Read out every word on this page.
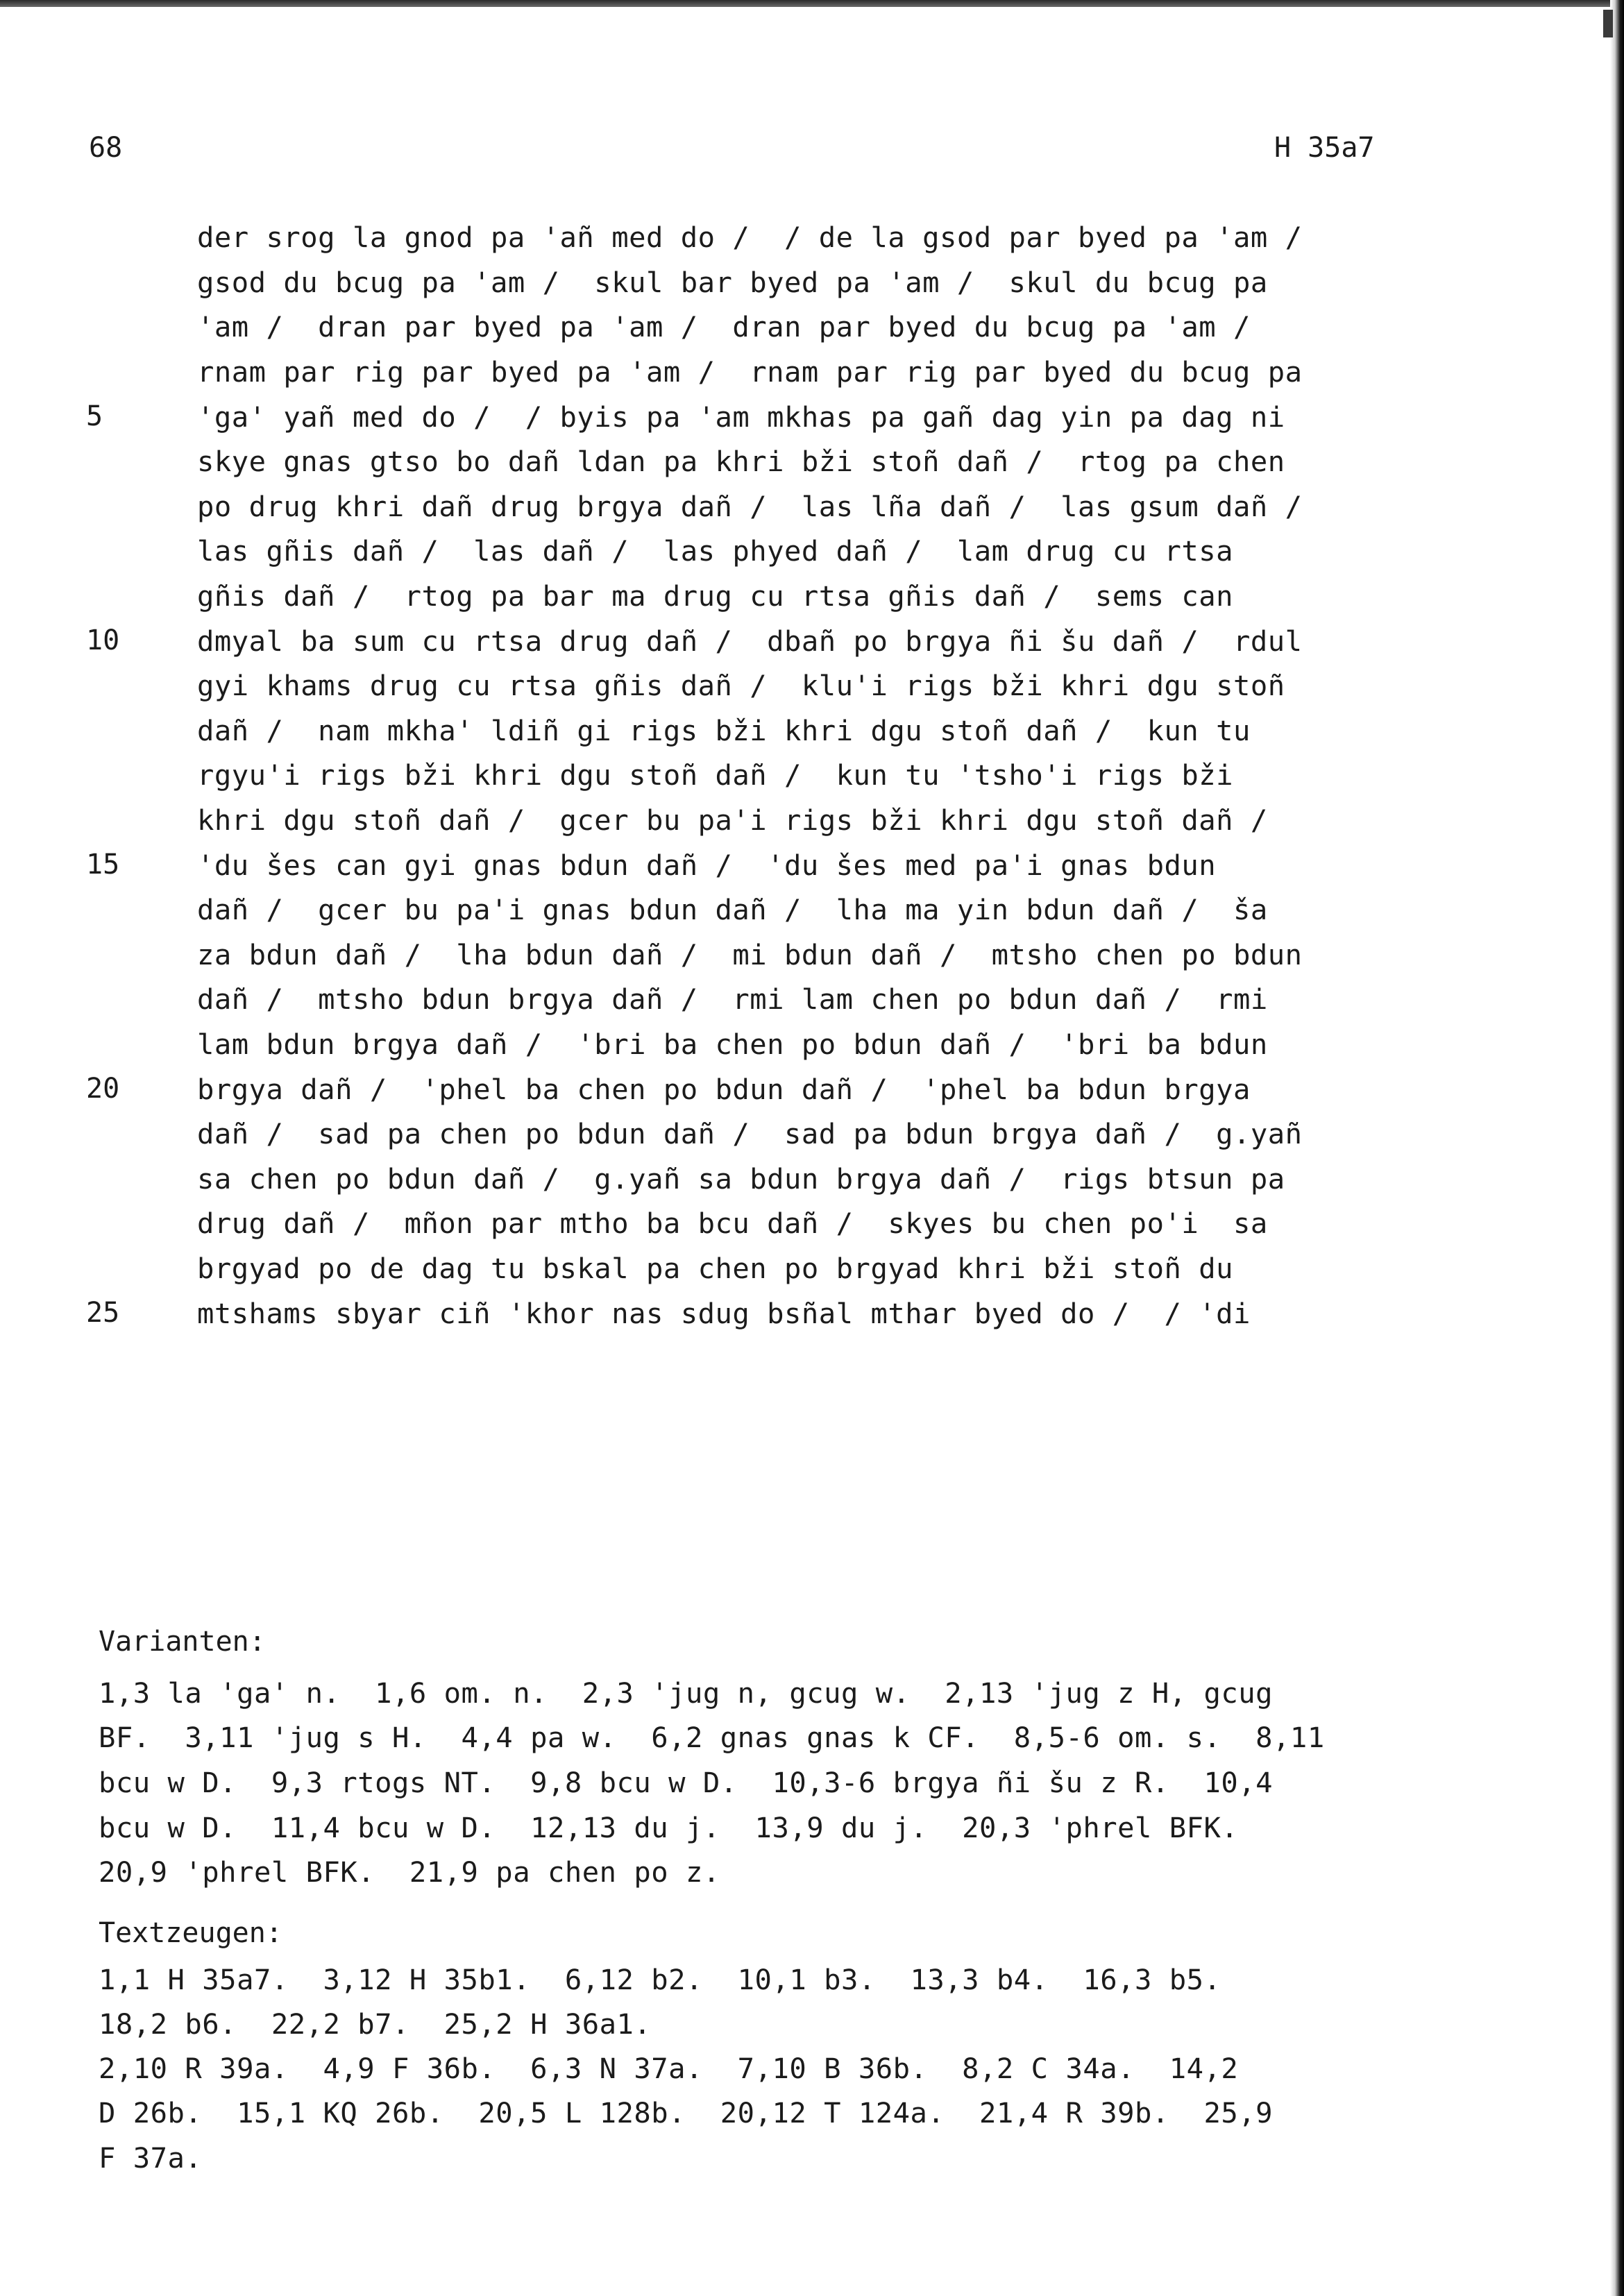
68	H 35a7
5
10
15
20
25
der srog la gnod pa 'añ med do /  / de la gsod par byed pa 'am /
gsod du bcug pa 'am /  skul bar byed pa 'am /  skul du bcug pa
'am /  dran par byed pa 'am /  dran par byed du bcug pa 'am /
rnam par rig par byed pa 'am /  rnam par rig par byed du bcug pa
'ga' yañ med do /  / byis pa 'am mkhas pa gañ dag yin pa dag ni
skye gnas gtso bo dañ ldan pa khri bži stoñ dañ /  rtog pa chen
po drug khri dañ drug brgya dañ /  las lña dañ /  las gsum dañ /
las gñis dañ /  las dañ /  las phyed dañ /  lam drug cu rtsa
gñis dañ /  rtog pa bar ma drug cu rtsa gñis dañ /  sems can
dmyal ba sum cu rtsa drug dañ /  dbañ po brgya ñi šu dañ /  rdul
gyi khams drug cu rtsa gñis dañ /  klu'i rigs bži khri dgu stoñ
dañ /  nam mkha' ldiñ gi rigs bži khri dgu stoñ dañ /  kun tu
rgyu'i rigs bži khri dgu stoñ dañ /  kun tu 'tsho'i rigs bži
khri dgu stoñ dañ /  gcer bu pa'i rigs bži khri dgu stoñ dañ /
'du šes can gyi gnas bdun dañ /  'du šes med pa'i gnas bdun
dañ /  gcer bu pa'i gnas bdun dañ /  lha ma yin bdun dañ /  ša
za bdun dañ /  lha bdun dañ /  mi bdun dañ /  mtsho chen po bdun
dañ /  mtsho bdun brgya dañ /  rmi lam chen po bdun dañ /  rmi
lam bdun brgya dañ /  'bri ba chen po bdun dañ /  'bri ba bdun
brgya dañ /  'phel ba chen po bdun dañ /  'phel ba bdun brgya
dañ /  sad pa chen po bdun dañ /  sad pa bdun brgya dañ /  g.yañ
sa chen po bdun dañ /  g.yañ sa bdun brgya dañ /  rigs btsun pa
drug dañ /  mñon par mtho ba bcu dañ /  skyes bu chen po'i  sa
brgyad po de dag tu bskal pa chen po brgyad khri bži stoñ du
mtshams sbyar ciñ 'khor nas sdug bsñal mthar byed do /  / 'di
Varianten:
1,3 la 'ga' n.  1,6 om. n.  2,3 'jug n, gcug w.  2,13 'jug z H, gcug
BF.  3,11 'jug s H.  4,4 pa w.  6,2 gnas gnas k CF.  8,5-6 om. s.  8,11
bcu w D.  9,3 rtogs NT.  9,8 bcu w D.  10,3-6 brgya ñi šu z R.  10,4
bcu w D.  11,4 bcu w D.  12,13 du j.  13,9 du j.  20,3 'phrel BFK.
20,9 'phrel BFK.  21,9 pa chen po z.
Textzeugen:
1,1 H 35a7.  3,12 H 35b1.  6,12 b2.  10,1 b3.  13,3 b4.  16,3 b5.
18,2 b6.  22,2 b7.  25,2 H 36a1.
2,10 R 39a.  4,9 F 36b.  6,3 N 37a.  7,10 B 36b.  8,2 C 34a.  14,2
D 26b.  15,1 KQ 26b.  20,5 L 128b.  20,12 T 124a.  21,4 R 39b.  25,9
F 37a.
